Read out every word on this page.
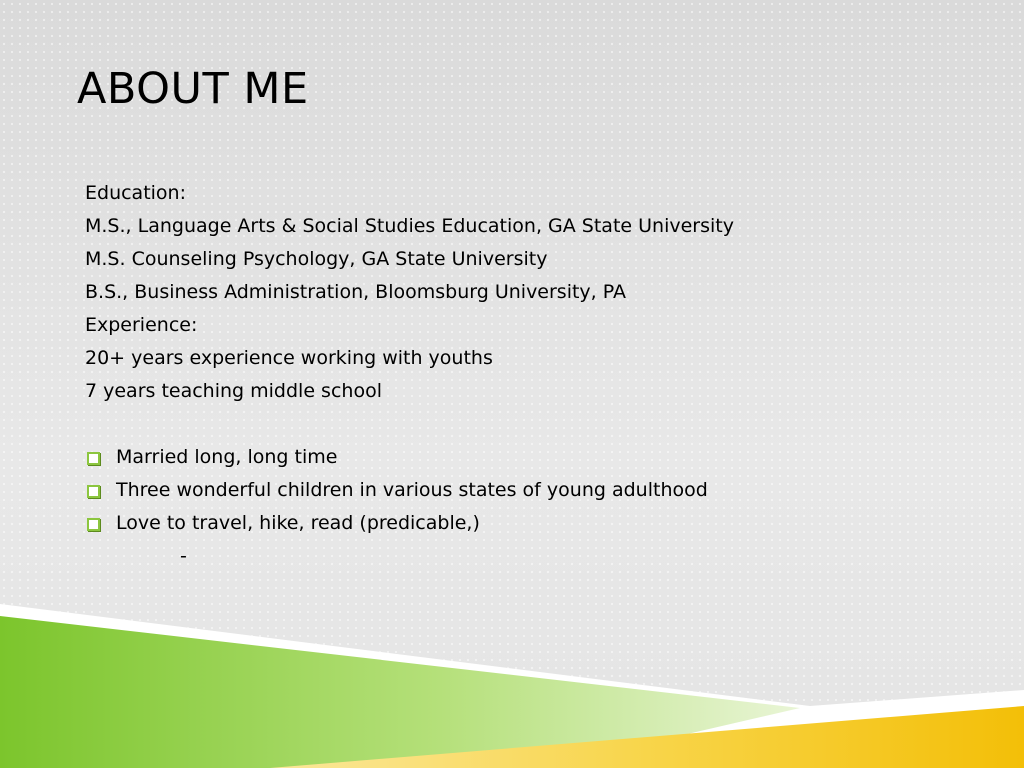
ABOUT ME
Education:
M.S., Language Arts & Social Studies Education, GA State University
M.S. Counseling Psychology, GA State University
B.S., Business Administration, Bloomsburg University, PA
Experience:
20+ years experience working with youths
7 years teaching middle school
Married long, long time
Three wonderful children in various states of young adulthood
Love to travel, hike, read (predicable,)
-
